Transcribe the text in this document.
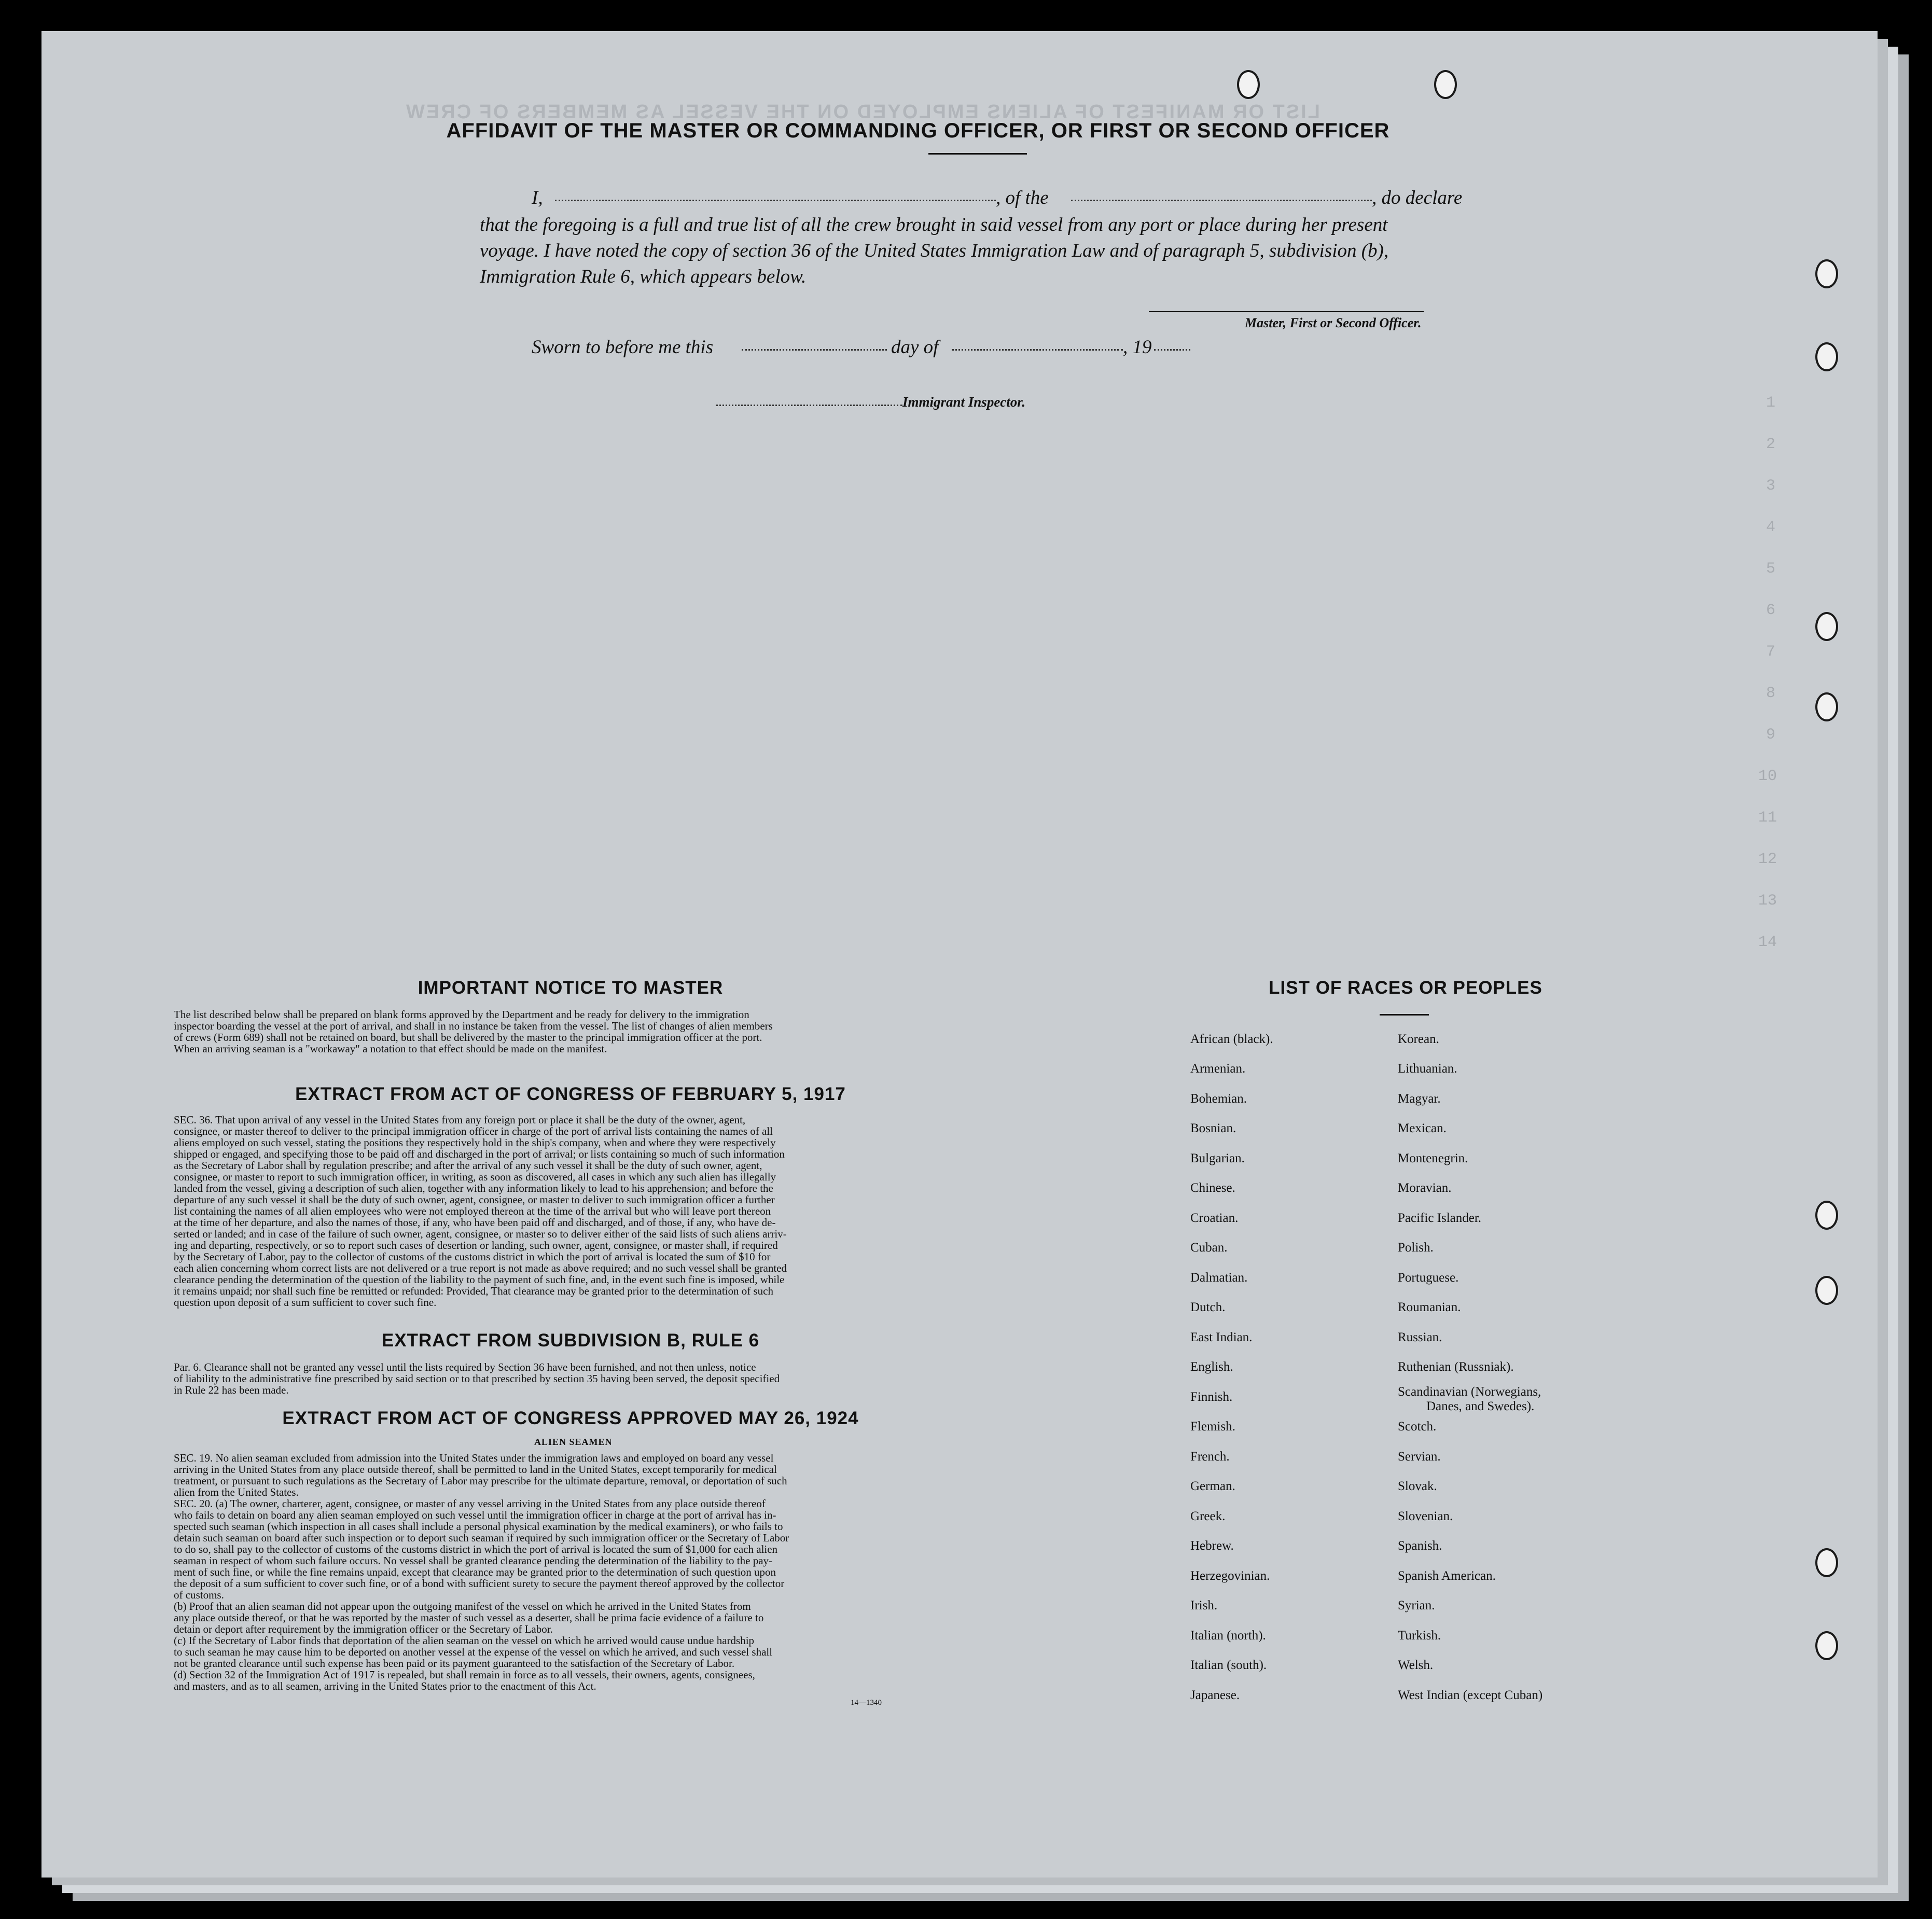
LIST OR MANIFEST OF ALIENS EMPLOYED ON THE VESSEL AS MEMBERS OF CREW
1
2
3
4
5
6
7
8
9
10
11
12
13
14
AFFIDAVIT OF THE MASTER OR COMMANDING OFFICER, OR FIRST OR SECOND OFFICER
I,	, of the	, do declare
that the foregoing is a full and true list of all the crew brought in said vessel from any port or place during her present
voyage. I have noted the copy of section 36 of the United States Immigration Law and of paragraph 5, subdivision (b),
Immigration Rule 6, which appears below.
Master, First or Second Officer.
Sworn to before me this	day of	, 19
Immigrant Inspector.
IMPORTANT NOTICE TO MASTER
The list described below shall be prepared on blank forms approved by the Department and be ready for delivery to the immigration
inspector boarding the vessel at the port of arrival, and shall in no instance be taken from the vessel. The list of changes of alien members
of crews (Form 689) shall not be retained on board, but shall be delivered by the master to the principal immigration officer at the port.
When an arriving seaman is a "workaway" a notation to that effect should be made on the manifest.
EXTRACT FROM ACT OF CONGRESS OF FEBRUARY 5, 1917
SEC. 36. That upon arrival of any vessel in the United States from any foreign port or place it shall be the duty of the owner, agent,
consignee, or master thereof to deliver to the principal immigration officer in charge of the port of arrival lists containing the names of all
aliens employed on such vessel, stating the positions they respectively hold in the ship's company, when and where they were respectively
shipped or engaged, and specifying those to be paid off and discharged in the port of arrival; or lists containing so much of such information
as the Secretary of Labor shall by regulation prescribe; and after the arrival of any such vessel it shall be the duty of such owner, agent,
consignee, or master to report to such immigration officer, in writing, as soon as discovered, all cases in which any such alien has illegally
landed from the vessel, giving a description of such alien, together with any information likely to lead to his apprehension; and before the
departure of any such vessel it shall be the duty of such owner, agent, consignee, or master to deliver to such immigration officer a further
list containing the names of all alien employees who were not employed thereon at the time of the arrival but who will leave port thereon
at the time of her departure, and also the names of those, if any, who have been paid off and discharged, and of those, if any, who have de-
serted or landed; and in case of the failure of such owner, agent, consignee, or master so to deliver either of the said lists of such aliens arriv-
ing and departing, respectively, or so to report such cases of desertion or landing, such owner, agent, consignee, or master shall, if required
by the Secretary of Labor, pay to the collector of customs of the customs district in which the port of arrival is located the sum of $10 for
each alien concerning whom correct lists are not delivered or a true report is not made as above required; and no such vessel shall be granted
clearance pending the determination of the question of the liability to the payment of such fine, and, in the event such fine is imposed, while
it remains unpaid; nor shall such fine be remitted or refunded: Provided, That clearance may be granted prior to the determination of such
question upon deposit of a sum sufficient to cover such fine.
EXTRACT FROM SUBDIVISION B, RULE 6
Par. 6. Clearance shall not be granted any vessel until the lists required by Section 36 have been furnished, and not then unless, notice
of liability to the administrative fine prescribed by said section or to that prescribed by section 35 having been served, the deposit specified
in Rule 22 has been made.
EXTRACT FROM ACT OF CONGRESS APPROVED MAY 26, 1924
ALIEN SEAMEN
SEC. 19. No alien seaman excluded from admission into the United States under the immigration laws and employed on board any vessel
arriving in the United States from any place outside thereof, shall be permitted to land in the United States, except temporarily for medical
treatment, or pursuant to such regulations as the Secretary of Labor may prescribe for the ultimate departure, removal, or deportation of such
alien from the United States.
SEC. 20. (a) The owner, charterer, agent, consignee, or master of any vessel arriving in the United States from any place outside thereof
who fails to detain on board any alien seaman employed on such vessel until the immigration officer in charge at the port of arrival has in-
spected such seaman (which inspection in all cases shall include a personal physical examination by the medical examiners), or who fails to
detain such seaman on board after such inspection or to deport such seaman if required by such immigration officer or the Secretary of Labor
to do so, shall pay to the collector of customs of the customs district in which the port of arrival is located the sum of $1,000 for each alien
seaman in respect of whom such failure occurs. No vessel shall be granted clearance pending the determination of the liability to the pay-
ment of such fine, or while the fine remains unpaid, except that clearance may be granted prior to the determination of such question upon
the deposit of a sum sufficient to cover such fine, or of a bond with sufficient surety to secure the payment thereof approved by the collector
of customs.
(b) Proof that an alien seaman did not appear upon the outgoing manifest of the vessel on which he arrived in the United States from
any place outside thereof, or that he was reported by the master of such vessel as a deserter, shall be prima facie evidence of a failure to
detain or deport after requirement by the immigration officer or the Secretary of Labor.
(c) If the Secretary of Labor finds that deportation of the alien seaman on the vessel on which he arrived would cause undue hardship
to such seaman he may cause him to be deported on another vessel at the expense of the vessel on which he arrived, and such vessel shall
not be granted clearance until such expense has been paid or its payment guaranteed to the satisfaction of the Secretary of Labor.
(d) Section 32 of the Immigration Act of 1917 is repealed, but shall remain in force as to all vessels, their owners, agents, consignees,
and masters, and as to all seamen, arriving in the United States prior to the enactment of this Act.
14—1340
LIST OF RACES OR PEOPLES
African (black).
Armenian.
Bohemian.
Bosnian.
Bulgarian.
Chinese.
Croatian.
Cuban.
Dalmatian.
Dutch.
East Indian.
English.
Finnish.
Flemish.
French.
German.
Greek.
Hebrew.
Herzegovinian.
Irish.
Italian (north).
Italian (south).
Japanese.
Korean.
Lithuanian.
Magyar.
Mexican.
Montenegrin.
Moravian.
Pacific Islander.
Polish.
Portuguese.
Roumanian.
Russian.
Ruthenian (Russniak).
Scandinavian (Norwegians,
Danes, and Swedes).
Scotch.
Servian.
Slovak.
Slovenian.
Spanish.
Spanish American.
Syrian.
Turkish.
Welsh.
West Indian (except Cuban)
